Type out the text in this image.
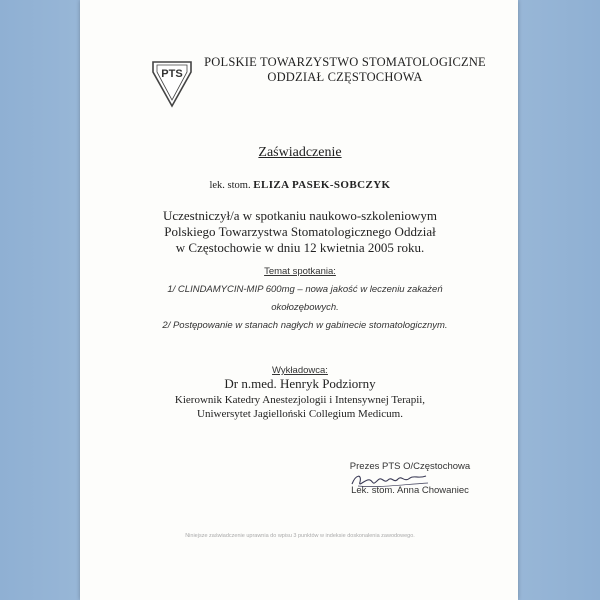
PTS
POLSKIE TOWARZYSTWO STOMATOLOGICZNE
ODDZIAŁ CZĘSTOCHOWA
Zaświadczenie
lek. stom. ELIZA PASEK-SOBCZYK
Uczestniczył/a w spotkaniu naukowo-szkoleniowym
Polskiego Towarzystwa Stomatologicznego Oddział
w Częstochowie w dniu 12 kwietnia 2005 roku.
Temat spotkania:
1/ CLINDAMYCIN-MIP 600mg – nowa jakość w leczeniu zakażeń
okołozębowych.
2/ Postępowanie w stanach nagłych w gabinecie stomatologicznym.
Wykładowca:
Dr n.med. Henryk Podziorny
Kierownik Katedry Anestezjologii i Intensywnej Terapii,
Uniwersytet Jagielloński Collegium Medicum.
Prezes PTS O/Częstochowa
Lek. stom. Anna Chowaniec
Niniejsze zaświadczenie uprawnia do wpisu 3 punktów w indeksie doskonalenia zawodowego.
